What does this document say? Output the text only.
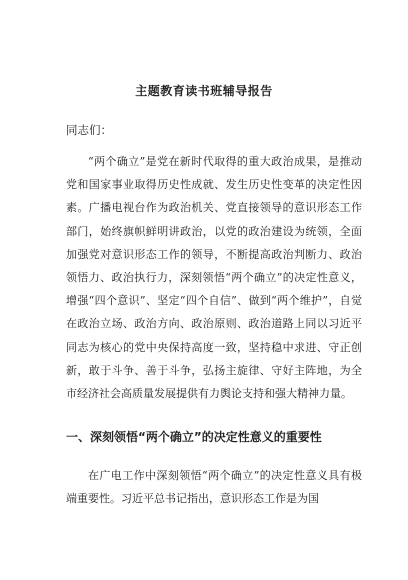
主题教育读书班辅导报告
同志们：
“两个确立”是党在新时代取得的重大政治成果，是推动党和国家事业取得历史性成就、发生历史性变革的决定性因素。广播电视台作为政治机关、党直接领导的意识形态工作部门，始终旗帜鲜明讲政治，以党的政治建设为统领，全面加强党对意识形态工作的领导，不断提高政治判断力、政治领悟力、政治执行力，深刻领悟“两个确立”的决定性意义，增强“四个意识”、坚定“四个自信”、做到“两个维护”，自觉在政治立场、政治方向、政治原则、政治道路上同以习近平同志为核心的党中央保持高度一致，坚持稳中求进、守正创新，敢于斗争、善于斗争，弘扬主旋律、守好主阵地，为全市经济社会高质量发展提供有力舆论支持和强大精神力量。
一、深刻领悟“两个确立”的决定性意义的重要性
在广电工作中深刻领悟“两个确立”的决定性意义具有极端重要性。习近平总书记指出，意识形态工作是为国
